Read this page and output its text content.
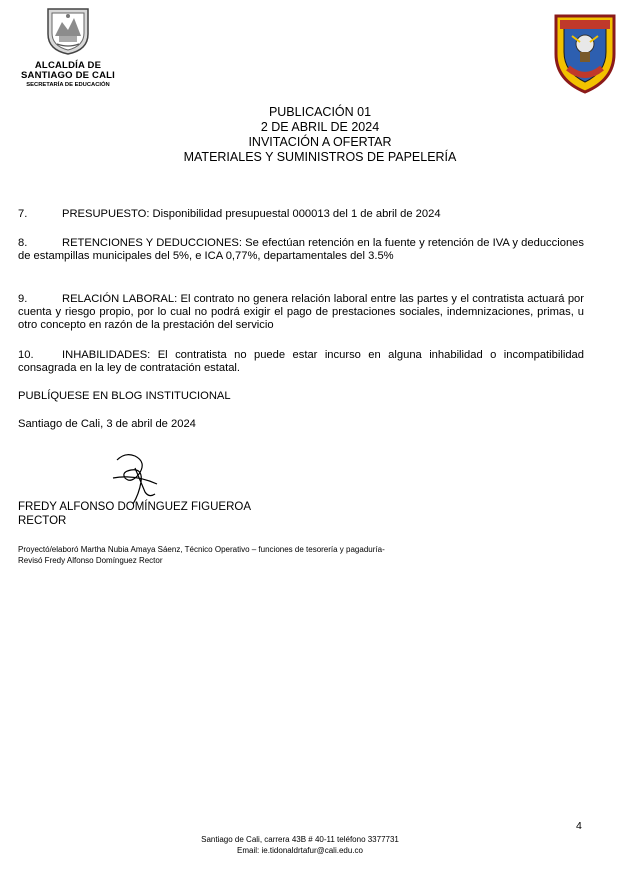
ALCALDÍA DE
SANTIAGO DE CALI
SECRETARÍA DE EDUCACIÓN
PUBLICACIÓN 01
2 DE ABRIL DE 2024
INVITACIÓN A OFERTAR
MATERIALES Y SUMINISTROS DE PAPELERÍA
7.	PRESUPUESTO: Disponibilidad presupuestal 000013 del 1 de abril de 2024
8.	RETENCIONES Y DEDUCCIONES: Se efectúan retención en la fuente y retención de IVA y deducciones de estampillas municipales del 5%, e ICA 0,77%, departamentales del 3.5%
9.	RELACIÓN LABORAL: El contrato no genera relación laboral entre las partes y el contratista actuará por cuenta y riesgo propio, por lo cual no podrá exigir el pago de prestaciones sociales, indemnizaciones, primas, u otro concepto en razón de la prestación del servicio
10.	INHABILIDADES: El contratista no puede estar incurso en alguna inhabilidad o incompatibilidad consagrada en la ley de contratación estatal.
PUBLÍQUESE EN BLOG INSTITUCIONAL
Santiago de Cali, 3 de abril de 2024
FREDY ALFONSO DOMÍNGUEZ FIGUEROA
RECTOR
Proyectó/elaboró Martha Nubia Amaya Sáenz, Técnico Operativo – funciones de tesorería y pagaduría-
Revisó Fredy Alfonso Domínguez Rector
4
Santiago de Cali, carrera 43B # 40-11 teléfono 3377731
Email: ie.tidonaldrtafur@cali.edu.co
